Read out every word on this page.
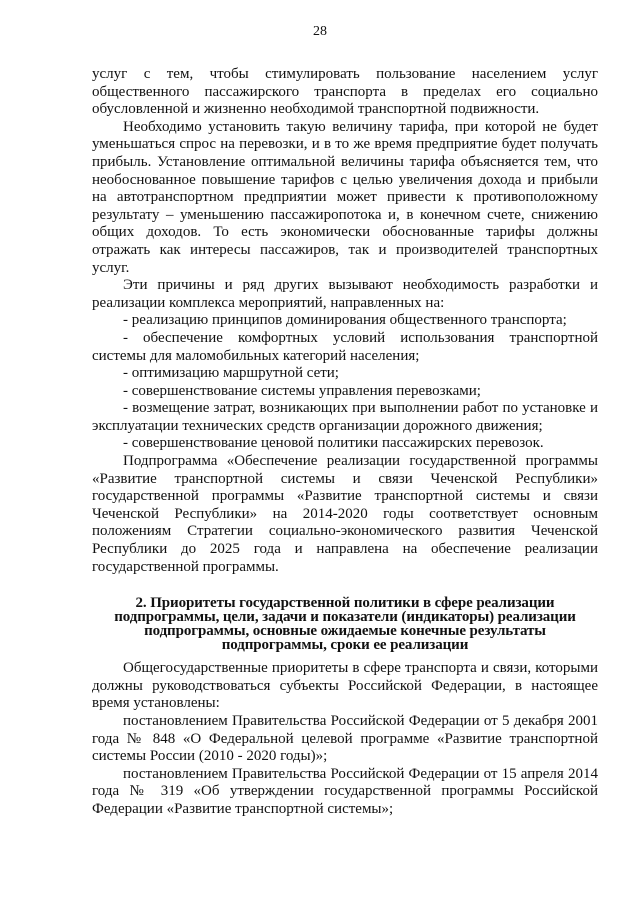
28

услуг с тем, чтобы стимулировать пользование населением услуг общественного пассажирского транспорта в пределах его социально обусловленной и жизненно необходимой транспортной подвижности.

Необходимо установить такую величину тарифа, при которой не будет уменьшаться спрос на перевозки, и в то же время предприятие будет получать прибыль. Установление оптимальной величины тарифа объясняется тем, что необоснованное повышение тарифов с целью увеличения дохода и прибыли на автотранспортном предприятии может привести к противоположному результату – уменьшению пассажиропотока и, в конечном счете, снижению общих доходов. То есть экономически обоснованные тарифы должны отражать как интересы пассажиров, так и производителей транспортных услуг.

Эти причины и ряд других вызывают необходимость разработки и реализации комплекса мероприятий, направленных на:

- реализацию принципов доминирования общественного транспорта;

- обеспечение комфортных условий использования транспортной системы для маломобильных категорий населения;

- оптимизацию маршрутной сети;

- совершенствование системы управления перевозками;

- возмещение затрат, возникающих при выполнении работ по установке и эксплуатации технических средств организации дорожного движения;

- совершенствование ценовой политики пассажирских перевозок.

Подпрограмма «Обеспечение реализации государственной программы «Развитие транспортной системы и связи Чеченской Республики» государственной программы «Развитие транспортной системы и связи Чеченской Республики» на 2014-2020 годы соответствует основным положениям Стратегии социально-экономического развития Чеченской Республики до 2025 года и направлена на обеспечение реализации государственной программы.

2. Приоритеты государственной политики в сфере реализации
подпрограммы, цели, задачи и показатели (индикаторы) реализации
подпрограммы, основные ожидаемые конечные результаты
подпрограммы, сроки ее реализации

Общегосударственные приоритеты в сфере транспорта и связи, которыми должны руководствоваться субъекты Российской Федерации, в настоящее время установлены:

постановлением Правительства Российской Федерации от 5 декабря 2001 года № 848 «О Федеральной целевой программе «Развитие транспортной системы России (2010 - 2020 годы)»;

постановлением Правительства Российской Федерации от 15 апреля 2014 года № 319 «Об утверждении государственной программы Российской Федерации «Развитие транспортной системы»;
